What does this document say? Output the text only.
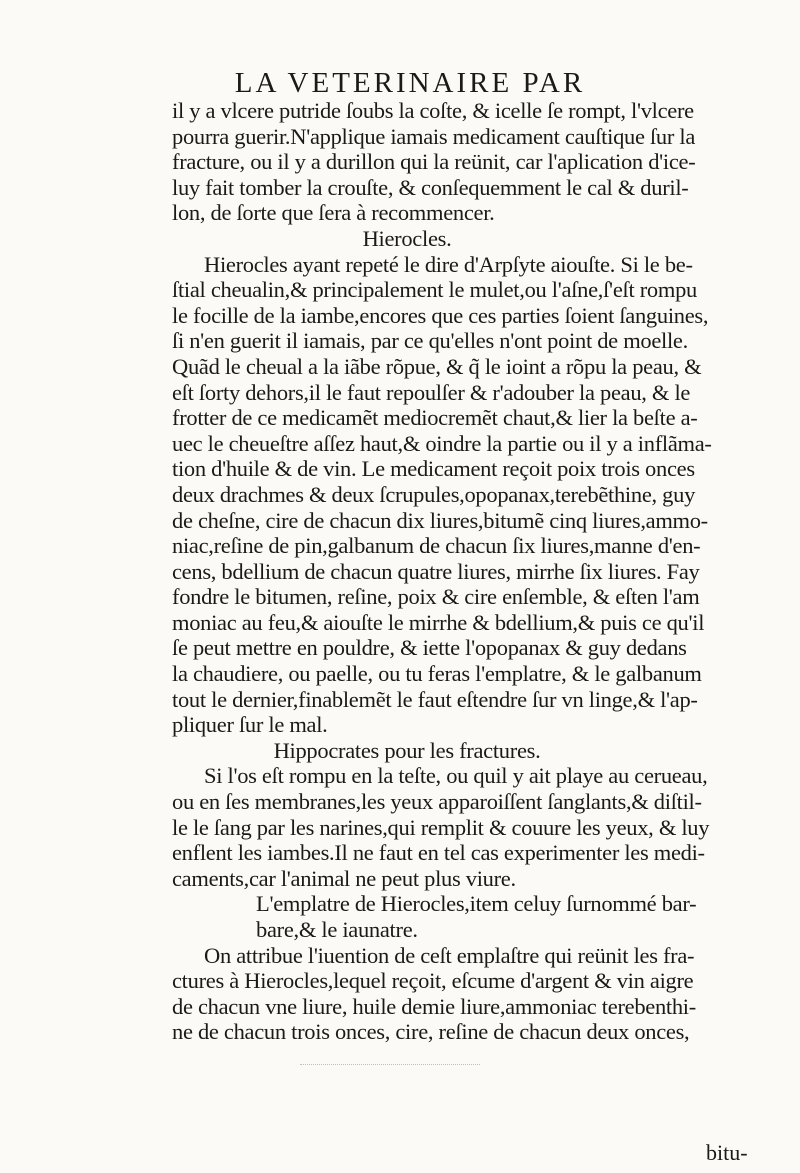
LA VETERINAIRE PAR
il y a vlcere putride ſoubs la coſte, & icelle ſe rompt, l'vlcere
pourra guerir.N'applique iamais medicament cauſtique ſur la
fracture, ou il y a durillon qui la reünit, car l'aplication d'ice-
luy fait tomber la crouſte, & conſequemment le cal & duril-
lon, de ſorte que ſera à recommencer.
Hierocles.
Hierocles ayant repeté le dire d'Arpſyte aiouſte. Si le be-
ſtial cheualin,& principalement le mulet,ou l'aſne,ſ'eſt rompu
le focille de la iambe,encores que ces parties ſoient ſanguines,
ſi n'en guerit il iamais, par ce qu'elles n'ont point de moelle.
Quãd le cheual a la iãbe rõpue, & q̃ le ioint a rõpu la peau, &
eſt ſorty dehors,il le faut repoulſer & r'adouber la peau, & le
frotter de ce medicamẽt mediocremẽt chaut,& lier la beſte a-
uec le cheueſtre aſſez haut,& oindre la partie ou il y a inflãma-
tion d'huile & de vin. Le medicament reçoit poix trois onces
deux drachmes & deux ſcrupules,opopanax,terebẽthine, guy
de cheſne, cire de chacun dix liures,bitumẽ cinq liures,ammo-
niac,reſine de pin,galbanum de chacun ſix liures,manne d'en-
cens, bdellium de chacun quatre liures, mirrhe ſix liures. Fay
fondre le bitumen, reſine, poix & cire enſemble, & eſten l'am
moniac au feu,& aiouſte le mirrhe & bdellium,& puis ce qu'il
ſe peut mettre en pouldre, & iette l'opopanax & guy dedans
la chaudiere, ou paelle, ou tu feras l'emplatre, & le galbanum
tout le dernier,finablemẽt le faut eſtendre ſur vn linge,& l'ap-
pliquer ſur le mal.
Hippocrates pour les fractures.
Si l'os eſt rompu en la teſte, ou quil y ait playe au cerueau,
ou en ſes membranes,les yeux apparoiſſent ſanglants,& diſtil-
le le ſang par les narines,qui remplit & couure les yeux, & luy
enflent les iambes.Il ne faut en tel cas experimenter les medi-
caments,car l'animal ne peut plus viure.
L'emplatre de Hierocles,item celuy ſurnommé bar-
bare,& le iaunatre.
On attribue l'iuention de ceſt emplaſtre qui reünit les fra-
ctures à Hierocles,lequel reçoit, eſcume d'argent & vin aigre
de chacun vne liure, huile demie liure,ammoniac terebenthi-
ne de chacun trois onces, cire, reſine de chacun deux onces,
bitu-
